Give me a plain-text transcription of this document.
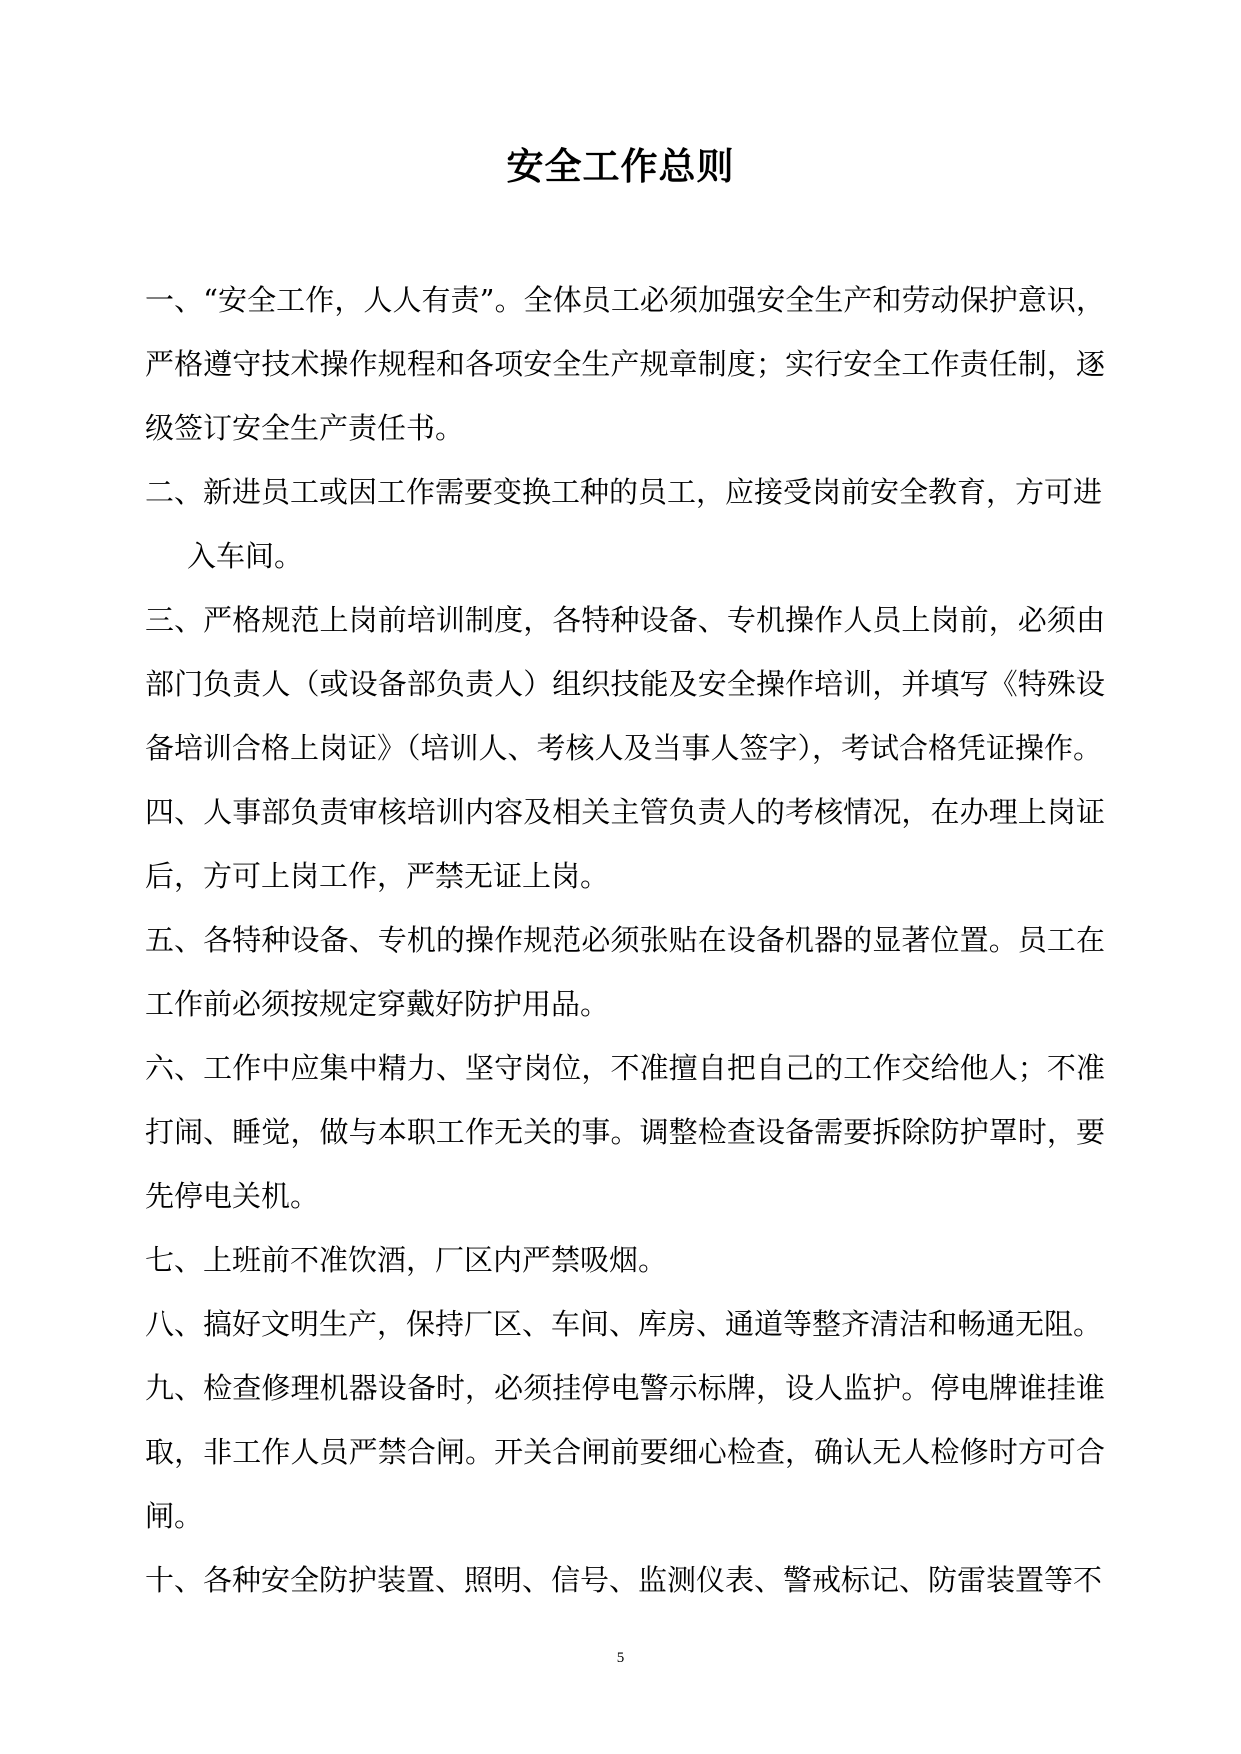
安全工作总则

一、“安全工作，人人有责”。全体员工必须加强安全生产和劳动保护意识，严格遵守技术操作规程和各项安全生产规章制度；实行安全工作责任制，逐级签订安全生产责任书。

二、新进员工或因工作需要变换工种的员工，应接受岗前安全教育，方可进

入车间。

三、严格规范上岗前培训制度，各特种设备、专机操作人员上岗前，必须由部门负责人（或设备部负责人）组织技能及安全操作培训，并填写《特殊设备培训合格上岗证》（培训人、考核人及当事人签字），考试合格凭证操作。

四、人事部负责审核培训内容及相关主管负责人的考核情况，在办理上岗证后，方可上岗工作，严禁无证上岗。

五、各特种设备、专机的操作规范必须张贴在设备机器的显著位置。员工在工作前必须按规定穿戴好防护用品。

六、工作中应集中精力、坚守岗位，不准擅自把自己的工作交给他人；不准打闹、睡觉，做与本职工作无关的事。调整检查设备需要拆除防护罩时，要先停电关机。

七、上班前不准饮酒，厂区内严禁吸烟。

八、搞好文明生产，保持厂区、车间、库房、通道等整齐清洁和畅通无阻。

九、检查修理机器设备时，必须挂停电警示标牌，设人监护。停电牌谁挂谁取，非工作人员严禁合闸。开关合闸前要细心检查，确认无人检修时方可合闸。

十、各种安全防护装置、照明、信号、监测仪表、警戒标记、防雷装置等不

5
